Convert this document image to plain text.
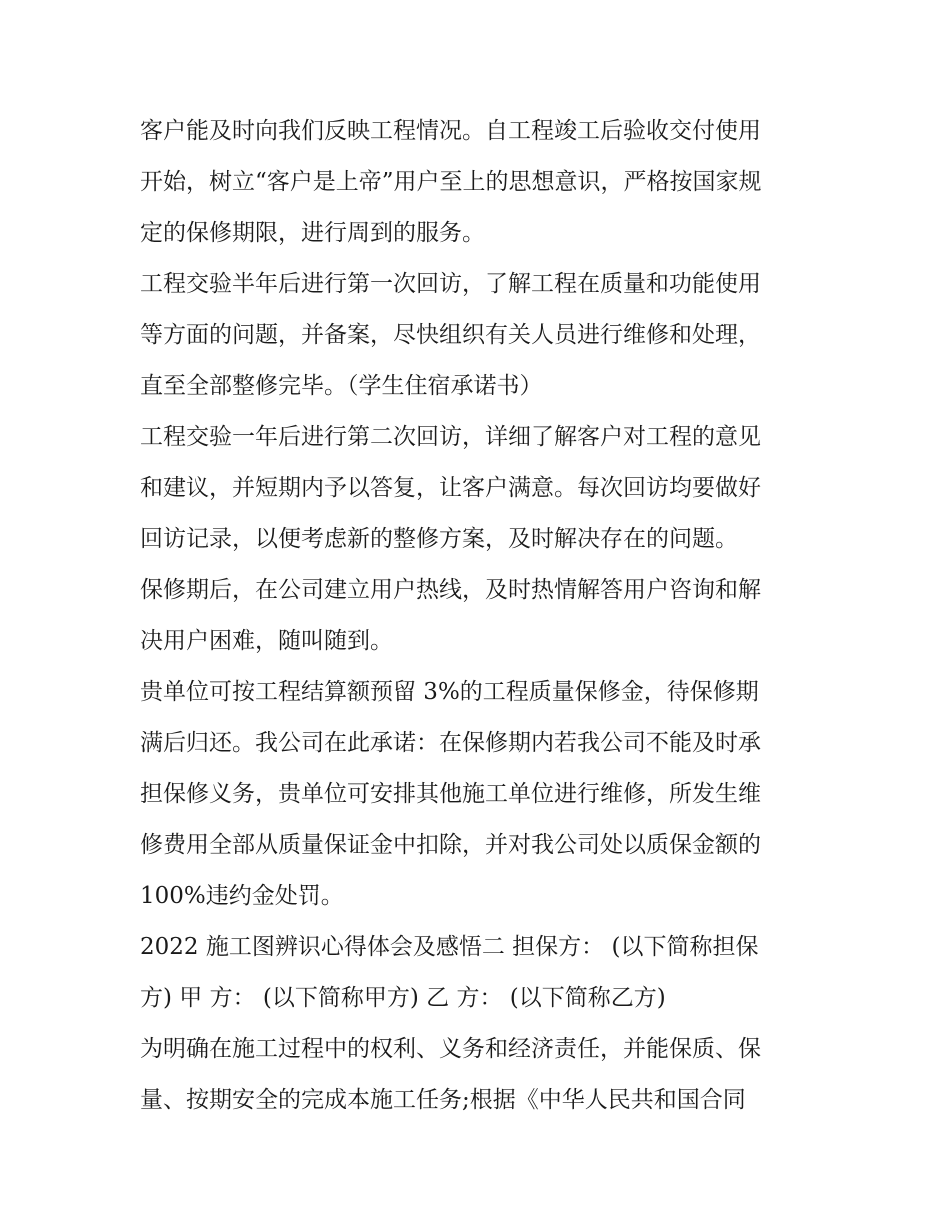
客户能及时向我们反映工程情况。自工程竣工后验收交付使用
开始，树立“客户是上帝”用户至上的思想意识，严格按国家规
定的保修期限，进行周到的服务。

工程交验半年后进行第一次回访，了解工程在质量和功能使用
等方面的问题，并备案，尽快组织有关人员进行维修和处理，
直至全部整修完毕。（学生住宿承诺书）

工程交验一年后进行第二次回访，详细了解客户对工程的意见
和建议，并短期内予以答复，让客户满意。每次回访均要做好
回访记录，以便考虑新的整修方案，及时解决存在的问题。

保修期后，在公司建立用户热线，及时热情解答用户咨询和解
决用户困难，随叫随到。

贵单位可按工程结算额预留 3%的工程质量保修金，待保修期
满后归还。我公司在此承诺：在保修期内若我公司不能及时承
担保修义务，贵单位可安排其他施工单位进行维修，所发生维
修费用全部从质量保证金中扣除，并对我公司处以质保金额的
100%违约金处罚。

2022 施工图辨识心得体会及感悟二 担保方： (以下简称担保
方) 甲 方： (以下简称甲方) 乙 方： (以下简称乙方)

为明确在施工过程中的权利、义务和经济责任，并能保质、保
量、按期安全的完成本施工任务;根据《中华人民共和国合同
